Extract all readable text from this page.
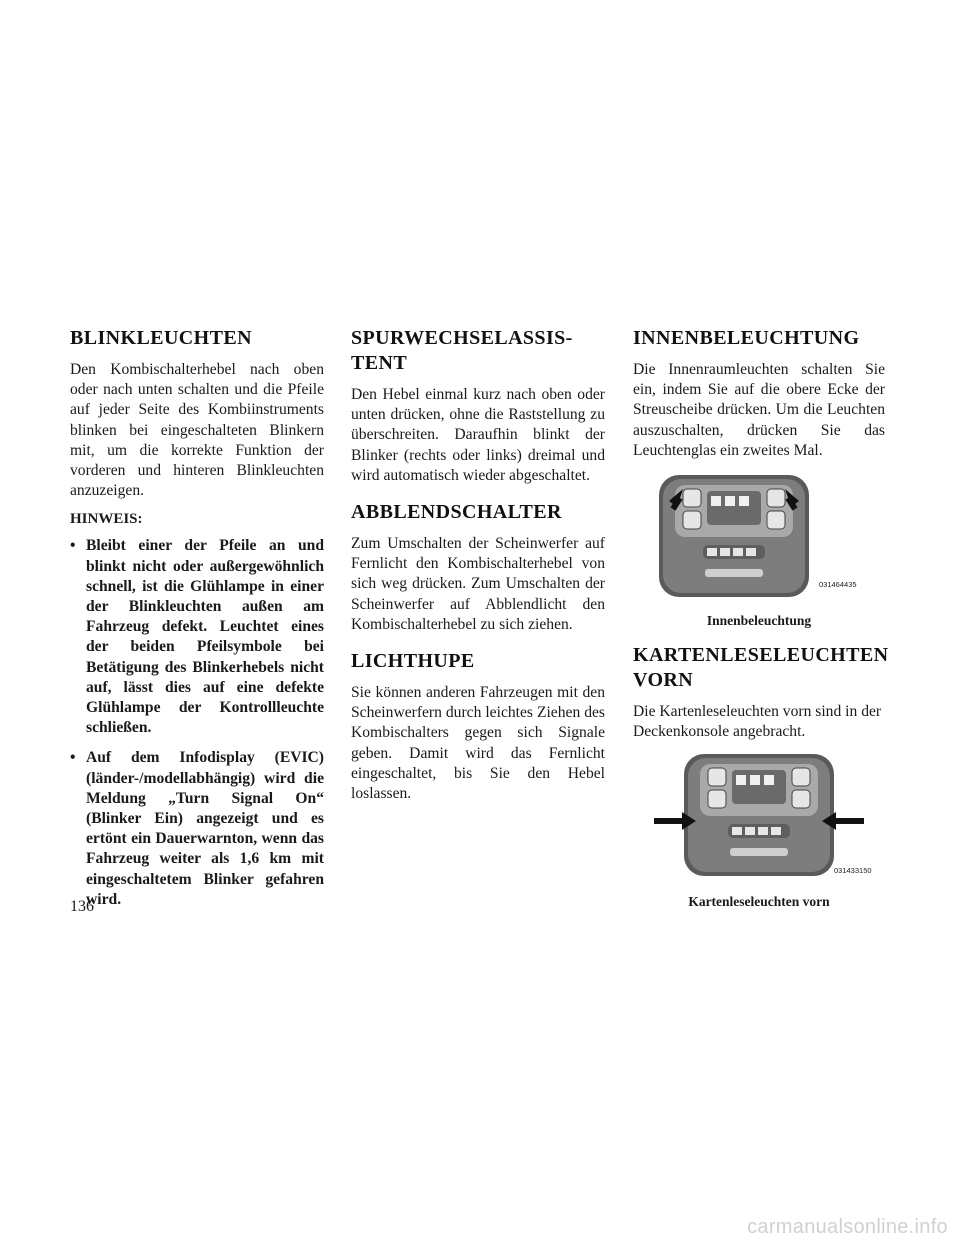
BLINKLEUCHTEN

Den Kombischalterhebel nach oben oder nach unten schalten und die Pfeile auf jeder Seite des Kombiinstruments blinken bei eingeschalteten Blinkern mit, um die korrekte Funktion der vorderen und hinteren Blinkleuchten anzuzeigen.

HINWEIS:
• Bleibt einer der Pfeile an und blinkt nicht oder außergewöhnlich schnell, ist die Glühlampe in einer der Blinkleuchten außen am Fahrzeug defekt. Leuchtet eines der beiden Pfeilsymbole bei Betätigung des Blinkerhebels nicht auf, lässt dies auf eine defekte Glühlampe der Kontrollleuchte schließen.
• Auf dem Infodisplay (EVIC) (länder-/modellabhängig) wird die Meldung „Turn Signal On“ (Blinker Ein) angezeigt und es ertönt ein Dauerwarnton, wenn das Fahrzeug weiter als 1,6 km mit eingeschaltetem Blinker gefahren wird.
SPURWECHSELASSISTENT

Den Hebel einmal kurz nach oben oder unten drücken, ohne die Raststellung zu überschreiten. Daraufhin blinkt der Blinker (rechts oder links) dreimal und wird automatisch wieder abgeschaltet.

ABBLENDSCHALTER

Zum Umschalten der Scheinwerfer auf Fernlicht den Kombischalterhebel von sich weg drücken. Zum Umschalten der Scheinwerfer auf Abblendlicht den Kombischalterhebel zu sich ziehen.

LICHTHUPE

Sie können anderen Fahrzeugen mit den Scheinwerfern durch leichtes Ziehen des Kombischalters gegen sich Signale geben. Damit wird das Fernlicht eingeschaltet, bis Sie den Hebel loslassen.

INNENBELEUCHTUNG

Die Innenraumleuchten schalten Sie ein, indem Sie auf die obere Ecke der Streuscheibe drücken. Um die Leuchten auszuschalten, drücken Sie das Leuchtenglas ein zweites Mal.

031464435
Innenbeleuchtung
KARTENLESELEUCHTEN VORN

Die Kartenleseleuchten vorn sind in der Deckenkonsole angebracht.

031433150
Kartenleseleuchten vorn
136
carmanualsonline.info
